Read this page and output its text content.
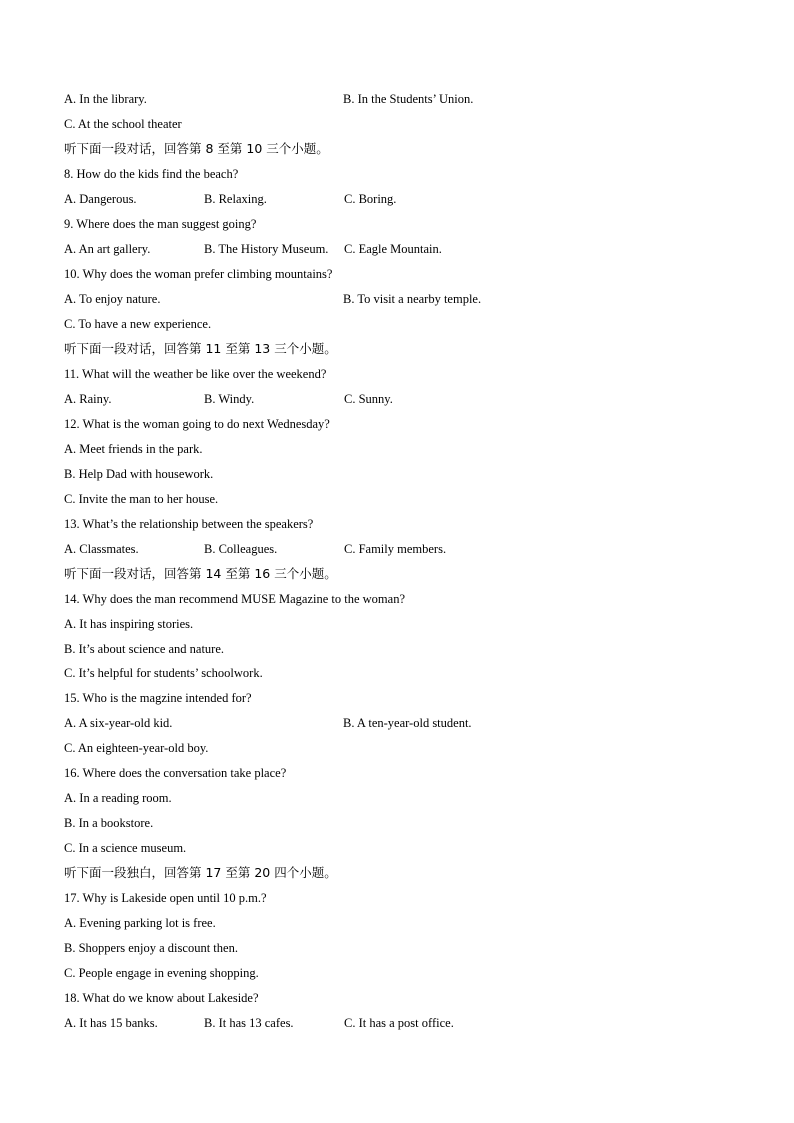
A. In the library.	B. In the Students’ Union.
C. At the school theater
听下面一段对话，回答第 8 至第 10 三个小题。
8. How do the kids find the beach?
A. Dangerous.	B. Relaxing.	C. Boring.
9. Where does the man suggest going?
A. An art gallery.	B. The History Museum. C. Eagle Mountain.
10. Why does the woman prefer climbing mountains?
A. To enjoy nature.	B. To visit a nearby temple.
C. To have a new experience.
听下面一段对话，回答第 11 至第 13 三个小题。
11. What will the weather be like over the weekend?
A. Rainy.	B. Windy.	C. Sunny.
12. What is the woman going to do next Wednesday?
A. Meet friends in the park.
B. Help Dad with housework.
C. Invite the man to her house.
13. What’s the relationship between the speakers?
A. Classmates.	B. Colleagues.	C. Family members.
听下面一段对话，回答第 14 至第 16 三个小题。
14. Why does the man recommend MUSE Magazine to the woman?
A. It has inspiring stories.
B. It’s about science and nature.
C. It’s helpful for students’ schoolwork.
15. Who is the magzine intended for?
A. A six-year-old kid.	B. A ten-year-old student.
C. An eighteen-year-old boy.
16. Where does the conversation take place?
A. In a reading room.
B. In a bookstore.
C. In a science museum.
听下面一段独白，回答第 17 至第 20 四个小题。
17. Why is Lakeside open until 10 p.m.?
A. Evening parking lot is free.
B. Shoppers enjoy a discount then.
C. People engage in evening shopping.
18. What do we know about Lakeside?
A. It has 15 banks.	B. It has 13 cafes.	C. It has a post office.
